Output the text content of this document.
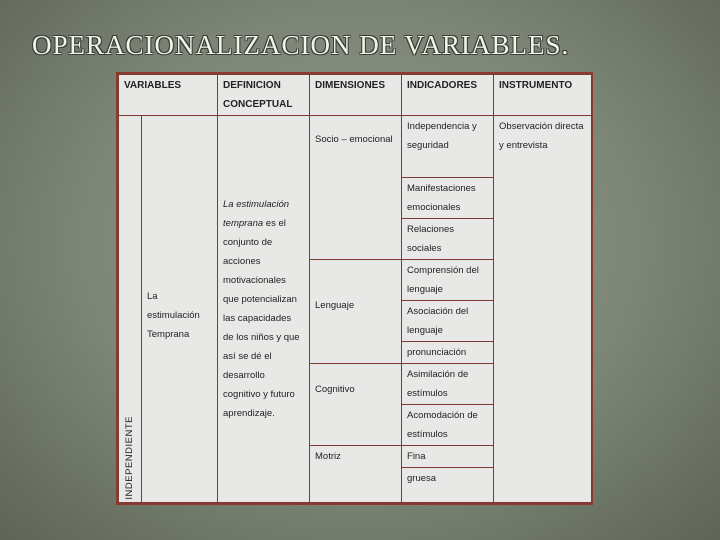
OPERACIONALIZACION DE VARIABLES.
VARIABLES		DEFINICION CONCEPTUAL	DIMENSIONES	INDICADORES	INSTRUMENTO

INDEPENDIENTE	La estimulación Temprana	La estimulación temprana es el conjunto de acciones motivacionales que potencializan las capacidades de los niños y que así se dé el desarrollo cognitivo y futuro aprendizaje.	Socio – emocional	Independencia y seguridad	Observación directa y entrevista
				Manifestaciones emocionales	
				Relaciones sociales	
			Lenguaje	Comprensión del lenguaje	
				Asociación del lenguaje	
				pronunciación	
			Cognitivo	Asimilación de estímulos	
				Acomodación de estímulos	
			Motriz	Fina	
				gruesa	
